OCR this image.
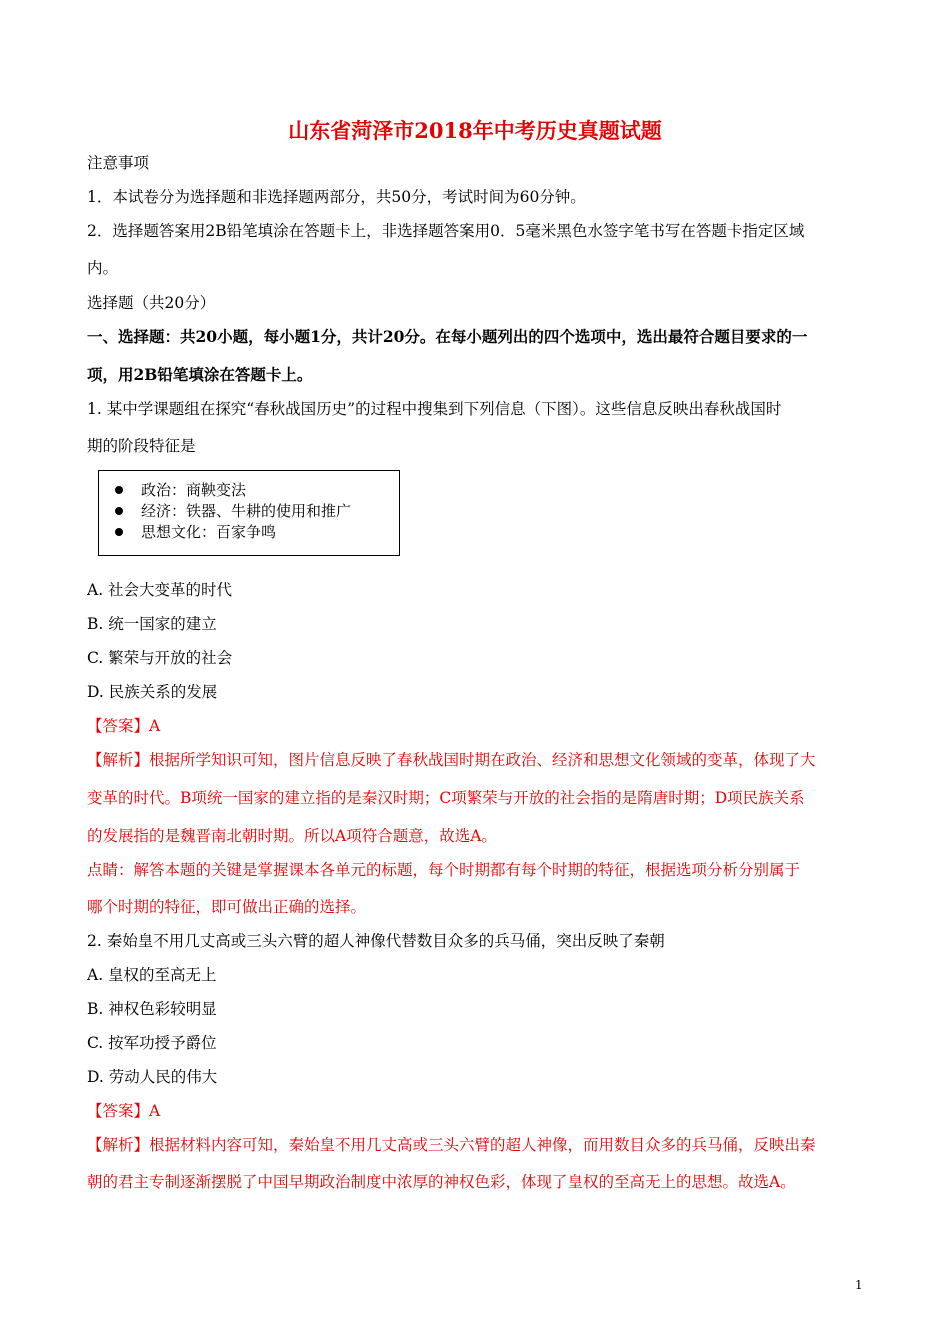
山东省菏泽市2018年中考历史真题试题
注意事项
1．本试卷分为选择题和非选择题两部分，共50分，考试时间为60分钟。
2．选择题答案用2B铅笔填涂在答题卡上，非选择题答案用0．5毫米黑色水签字笔书写在答题卡指定区域
内。
选择题（共20分）
一、选择题：共20小题，每小题1分，共计20分。在每小题列出的四个选项中，选出最符合题目要求的一
项，用2B铅笔填涂在答题卡上。
1. 某中学课题组在探究“春秋战国历史”的过程中搜集到下列信息（下图）。这些信息反映出春秋战国时
期的阶段特征是
政治：商鞅变法
经济：铁器、牛耕的使用和推广
思想文化：百家争鸣
A. 社会大变革的时代
B. 统一国家的建立
C. 繁荣与开放的社会
D. 民族关系的发展
【答案】A
【解析】根据所学知识可知，图片信息反映了春秋战国时期在政治、经济和思想文化领域的变革，体现了大
变革的时代。B项统一国家的建立指的是秦汉时期；C项繁荣与开放的社会指的是隋唐时期；D项民族关系
的发展指的是魏晋南北朝时期。所以A项符合题意，故选A。
点睛：解答本题的关键是掌握课本各单元的标题，每个时期都有每个时期的特征，根据选项分析分别属于
哪个时期的特征，即可做出正确的选择。
2. 秦始皇不用几丈高或三头六臂的超人神像代替数目众多的兵马俑，突出反映了秦朝
A. 皇权的至高无上
B. 神权色彩较明显
C. 按军功授予爵位
D. 劳动人民的伟大
【答案】A
【解析】根据材料内容可知，秦始皇不用几丈高或三头六臂的超人神像，而用数目众多的兵马俑，反映出秦
朝的君主专制逐渐摆脱了中国早期政治制度中浓厚的神权色彩，体现了皇权的至高无上的思想。故选A。
1
